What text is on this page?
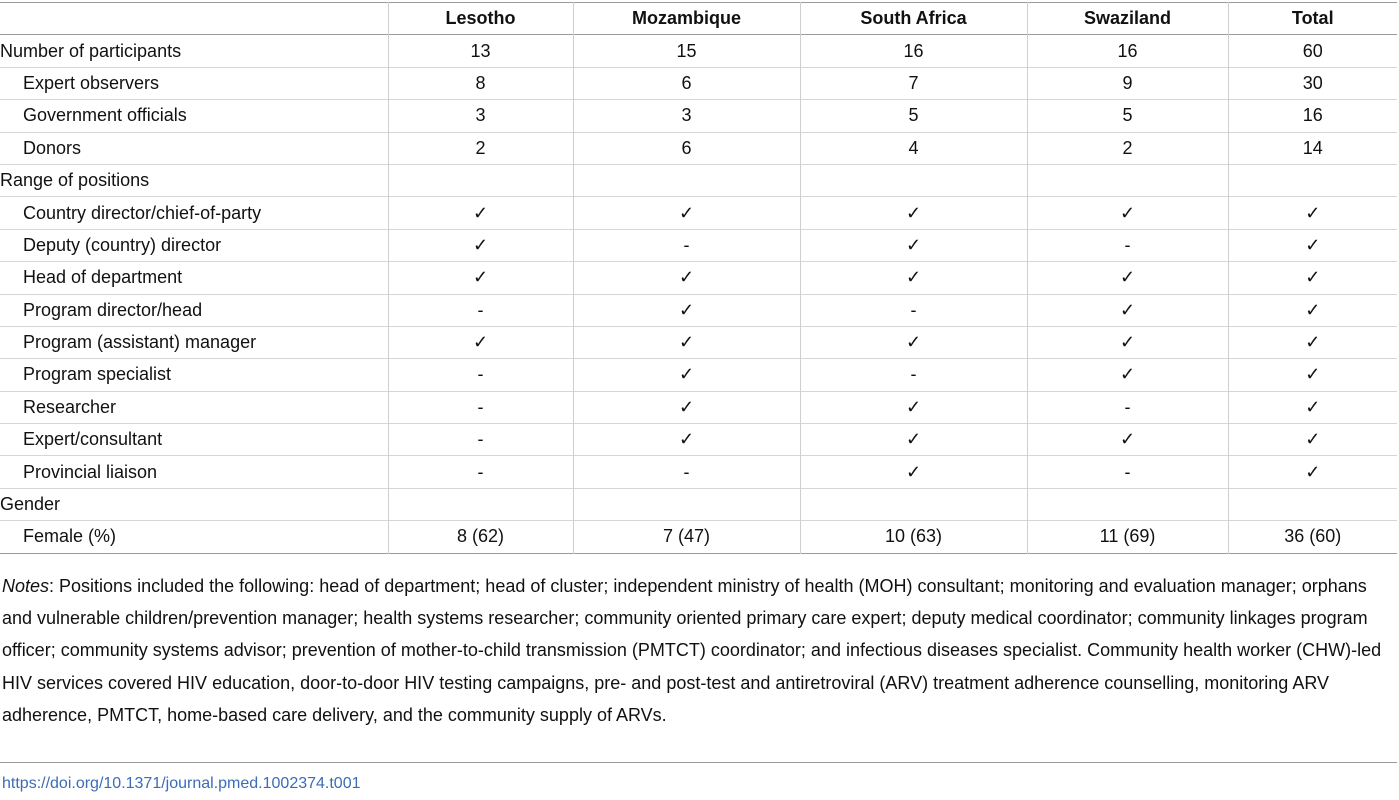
	Lesotho	Mozambique	South Africa	Swaziland	Total
Number of participants	13	15	16	16	60
Expert observers	8	6	7	9	30
Government officials	3	3	5	5	16
Donors	2	6	4	2	14
Range of positions					
Country director/chief-of-party	✓	✓	✓	✓	✓
Deputy (country) director	✓	-	✓	-	✓
Head of department	✓	✓	✓	✓	✓
Program director/head	-	✓	-	✓	✓
Program (assistant) manager	✓	✓	✓	✓	✓
Program specialist	-	✓	-	✓	✓
Researcher	-	✓	✓	-	✓
Expert/consultant	-	✓	✓	✓	✓
Provincial liaison	-	-	✓	-	✓
Gender					
Female (%)	8 (62)	7 (47)	10 (63)	11 (69)	36 (60)
Notes: Positions included the following: head of department; head of cluster; independent ministry of health (MOH) consultant; monitoring and evaluation manager; orphans and vulnerable children/prevention manager; health systems researcher; community oriented primary care expert; deputy medical coordinator; community linkages program officer; community systems advisor; prevention of mother-to-child transmission (PMTCT) coordinator; and infectious diseases specialist. Community health worker (CHW)-led HIV services covered HIV education, door-to-door HIV testing campaigns, pre- and post-test and antiretroviral (ARV) treatment adherence counselling, monitoring ARV adherence, PMTCT, home-based care delivery, and the community supply of ARVs.
https://doi.org/10.1371/journal.pmed.1002374.t001
